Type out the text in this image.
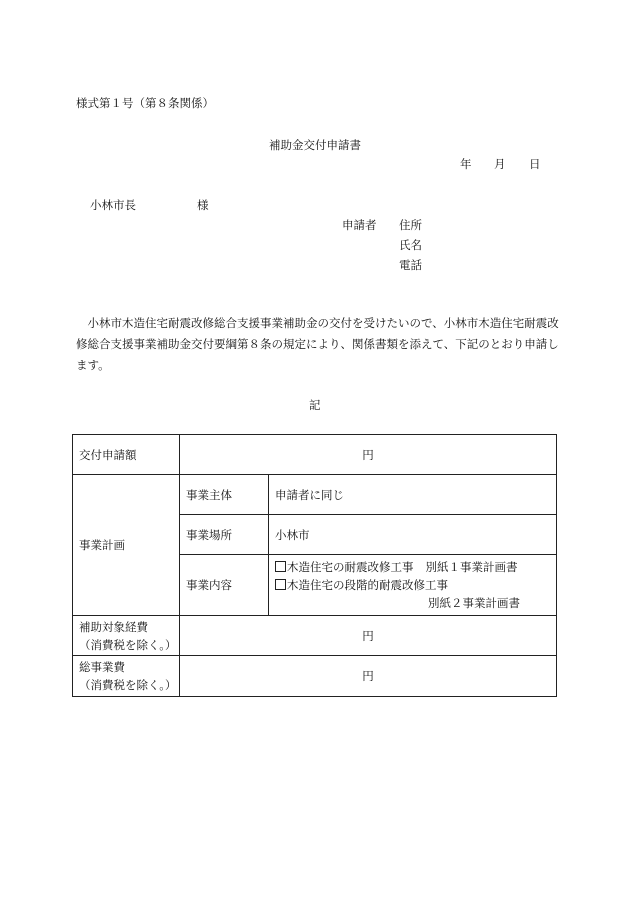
様式第１号（第８条関係）
補助金交付申請書
年 月 日
小林市長	様
申請者 住所
氏名
電話
小林市木造住宅耐震改修総合支援事業補助金の交付を受けたいので、小林市木造住宅耐震改修総合支援事業補助金交付要綱第８条の規定により、関係書類を添えて、下記のとおり申請します。
記
交付申請額	円	
事業計画	事業主体	申請者に同じ
	事業場所	小林市
	事業内容	木造住宅の耐震改修工事 別紙１事業計画書
木造住宅の段階的耐震改修工事
別紙２事業計画書

補助対象経費
（消費税を除く。）	円	

総事業費
（消費税を除く。）	円	
